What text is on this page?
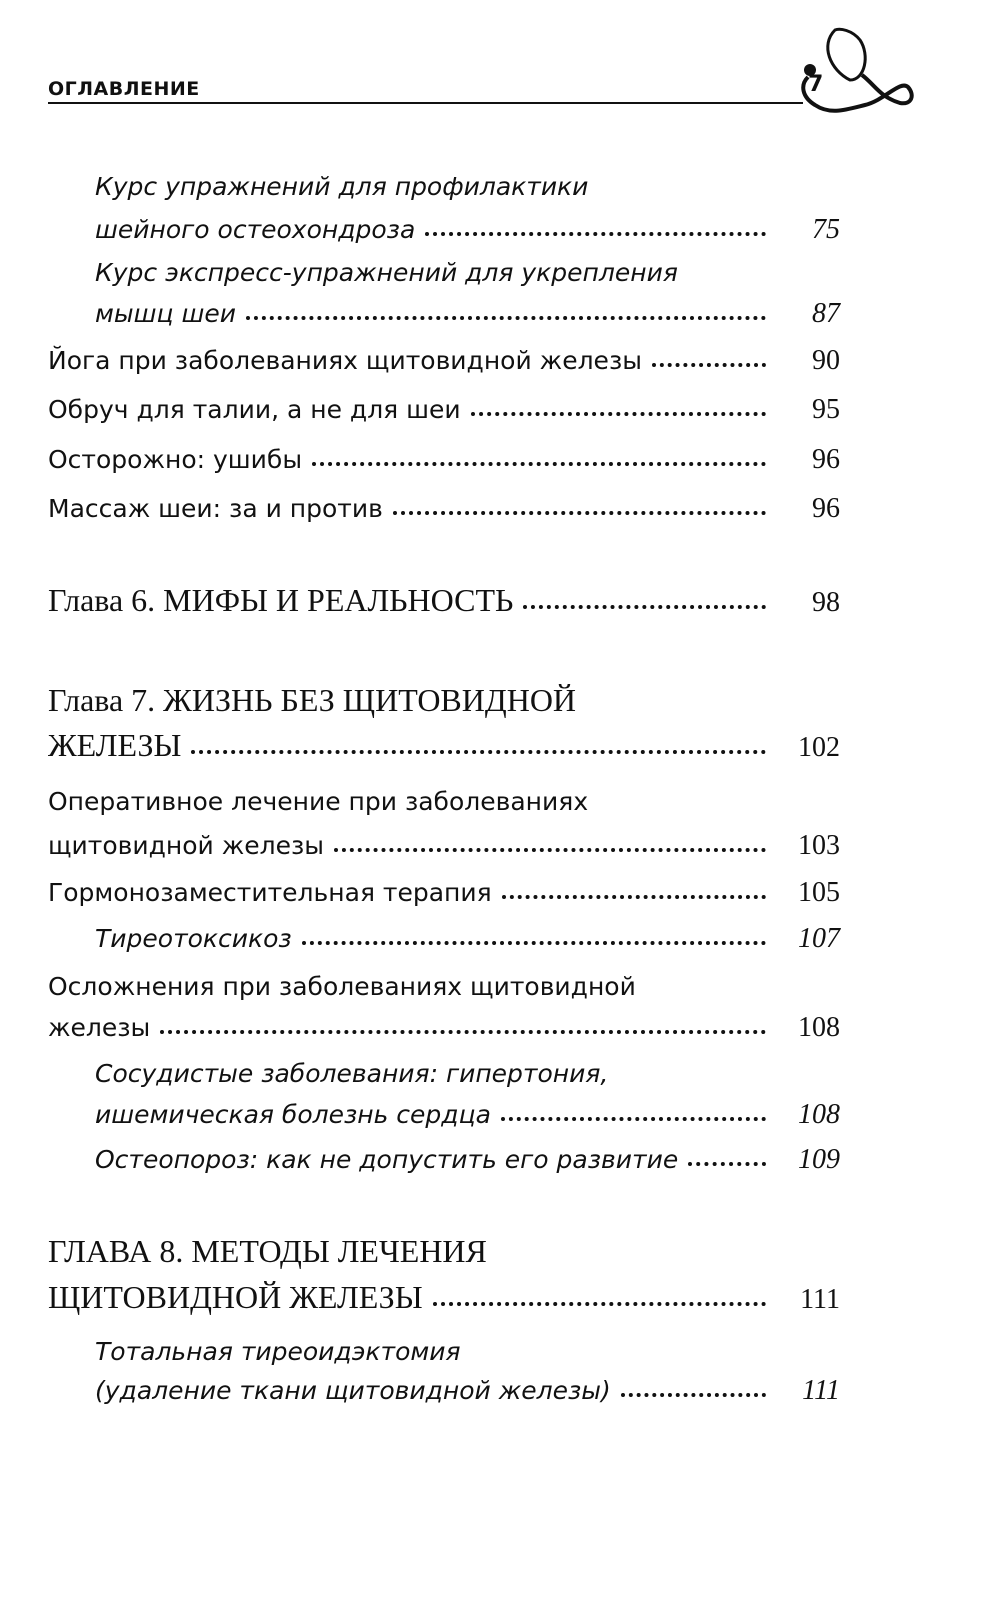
ОГЛАВЛЕНИЕ	7
Курс упражнений для профилактики
шейного остеохондроза	75
Курс экспресс-упражнений для укрепления
мышц шеи	87
Йога при заболеваниях щитовидной железы	90
Обруч для талии, а не для шеи	95
Осторожно: ушибы	96
Массаж шеи: за и против	96
Глава 6. МИФЫ И РЕАЛЬНОСТЬ	98
Глава 7. ЖИЗНЬ БЕЗ ЩИТОВИДНОЙ
ЖЕЛЕЗЫ	102
Оперативное лечение при заболеваниях
щитовидной железы	103
Гормонозаместительная терапия	105
Тиреотоксикоз	107
Осложнения при заболеваниях щитовидной
железы	108
Сосудистые заболевания: гипертония,
ишемическая болезнь сердца	108
Остеопороз: как не допустить его развитие	109
ГЛАВА 8. МЕТОДЫ ЛЕЧЕНИЯ
ЩИТОВИДНОЙ ЖЕЛЕЗЫ	111
Тотальная тиреоидэктомия
(удаление ткани щитовидной железы)	111
